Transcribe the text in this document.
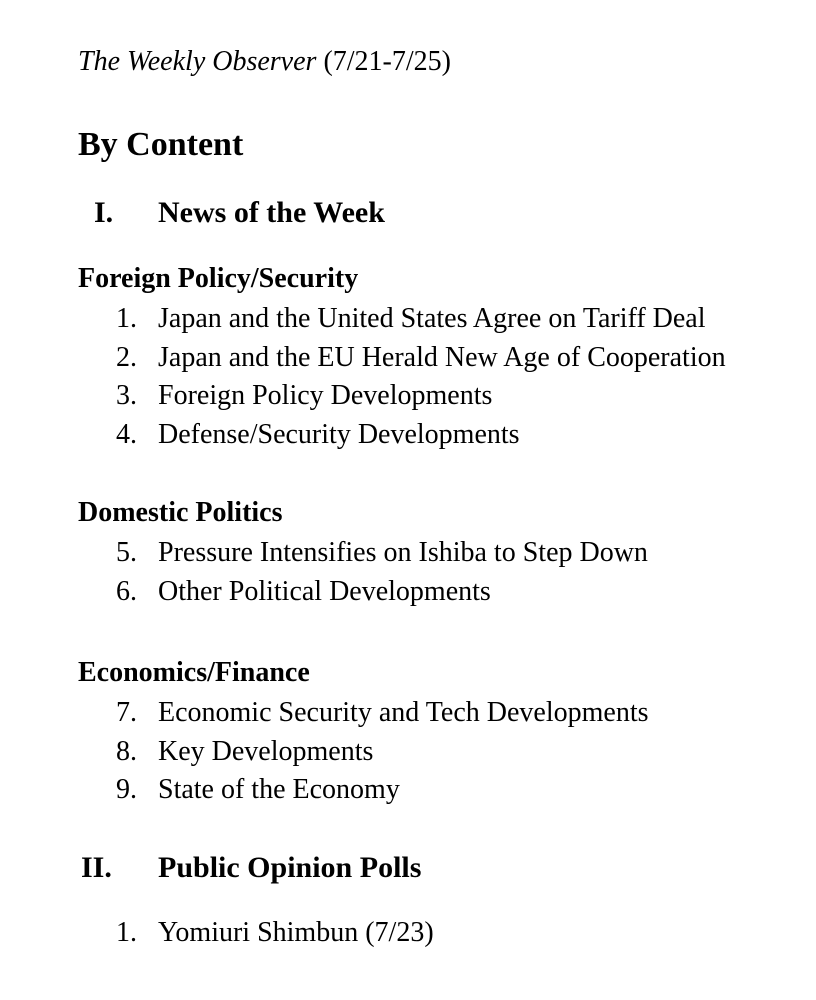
The Weekly Observer (7/21-7/25)
By Content
I. News of the Week
Foreign Policy/Security
1. Japan and the United States Agree on Tariff Deal
2. Japan and the EU Herald New Age of Cooperation
3. Foreign Policy Developments
4. Defense/Security Developments
Domestic Politics
5. Pressure Intensifies on Ishiba to Step Down
6. Other Political Developments
Economics/Finance
7. Economic Security and Tech Developments
8. Key Developments
9. State of the Economy
II. Public Opinion Polls
1. Yomiuri Shimbun (7/23)
